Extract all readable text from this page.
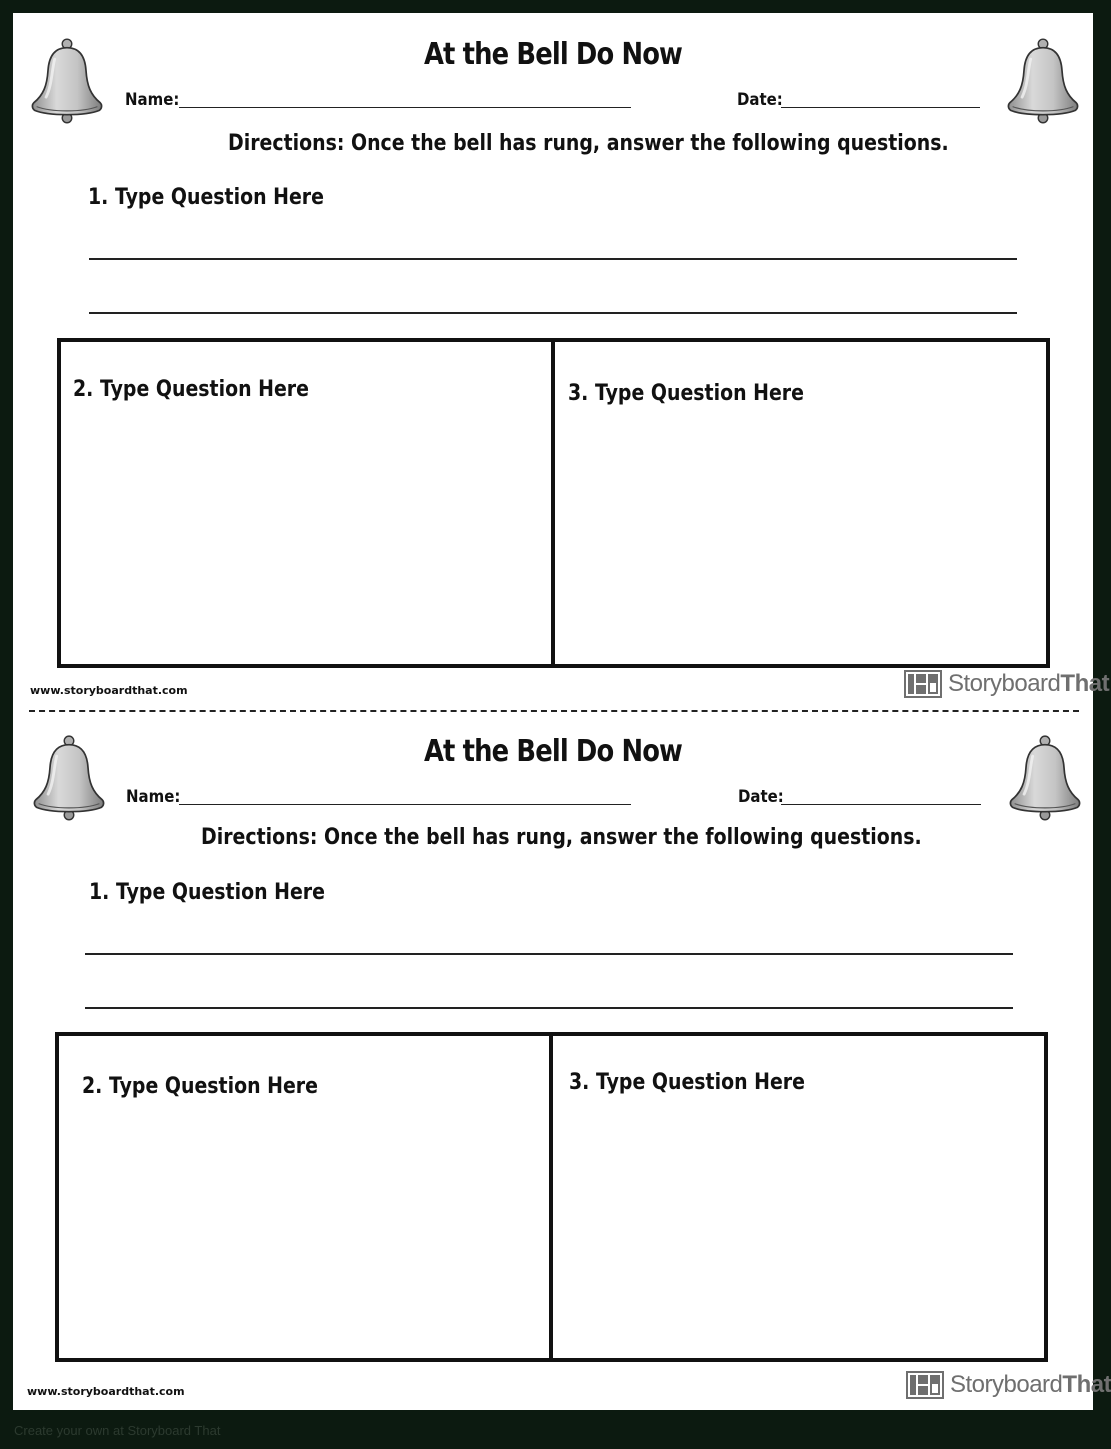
At the Bell Do Now
Name:	Date:
Directions: Once the bell has rung, answer the following questions.
1. Type Question Here
2. Type Question Here	3. Type Question Here
www.storyboardthat.com	StoryboardThat
At the Bell Do Now
Name:	Date:
Directions: Once the bell has rung, answer the following questions.
1. Type Question Here
2. Type Question Here	3. Type Question Here
www.storyboardthat.com	StoryboardThat
Create your own at Storyboard That
